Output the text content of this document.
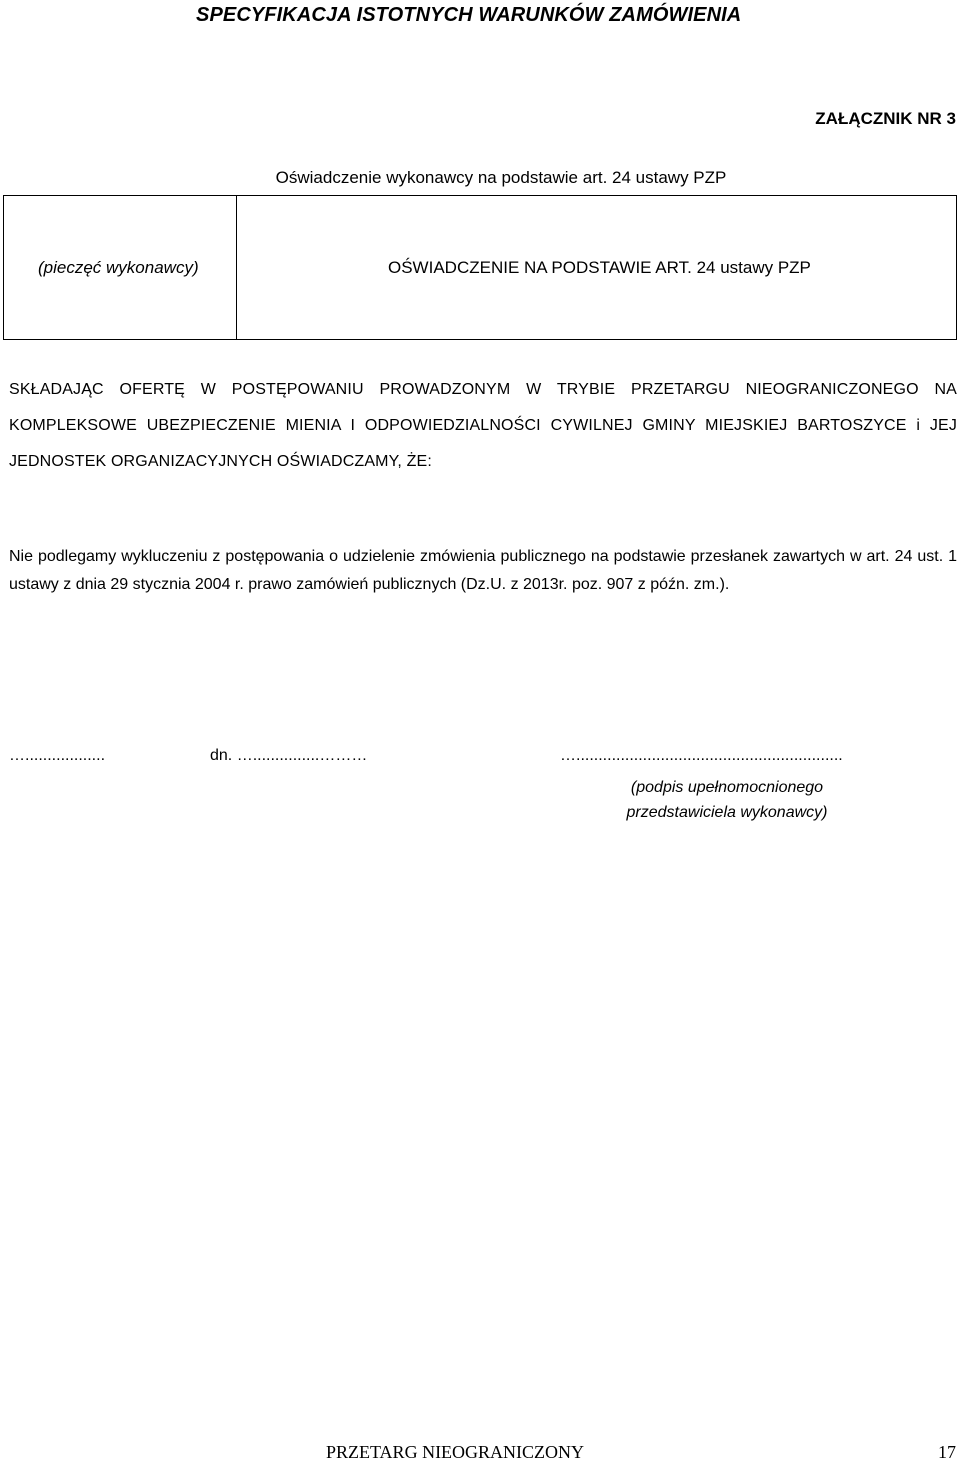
SPECYFIKACJA ISTOTNYCH WARUNKÓW ZAMÓWIENIA
ZAŁĄCZNIK NR 3
Oświadczenie wykonawcy na podstawie art. 24 ustawy PZP
(pieczęć wykonawcy)	OŚWIADCZENIE NA PODSTAWIE ART. 24 ustawy PZP
SKŁADAJĄC OFERTĘ W POSTĘPOWANIU PROWADZONYM W TRYBIE PRZETARGU NIEOGRANICZONEGO NA KOMPLEKSOWE UBEZPIECZENIE MIENIA I ODPOWIEDZIALNOŚCI CYWILNEJ GMINY MIEJSKIEJ BARTOSZYCE i JEJ JEDNOSTEK ORGANIZACYJNYCH OŚWIADCZAMY, ŻE:
Nie podlegamy wykluczeniu z postępowania o udzielenie zmówienia publicznego na podstawie przesłanek zawartych w art. 24 ust. 1 ustawy z dnia 29 stycznia 2004 r. prawo zamówień publicznych (Dz.U. z 2013r. poz. 907 z późn. zm.).
…..................	dn. …...............………	…............................................................
(podpis upełnomocnionego
przedstawiciela wykonawcy)
PRZETARG NIEOGRANICZONY	17
